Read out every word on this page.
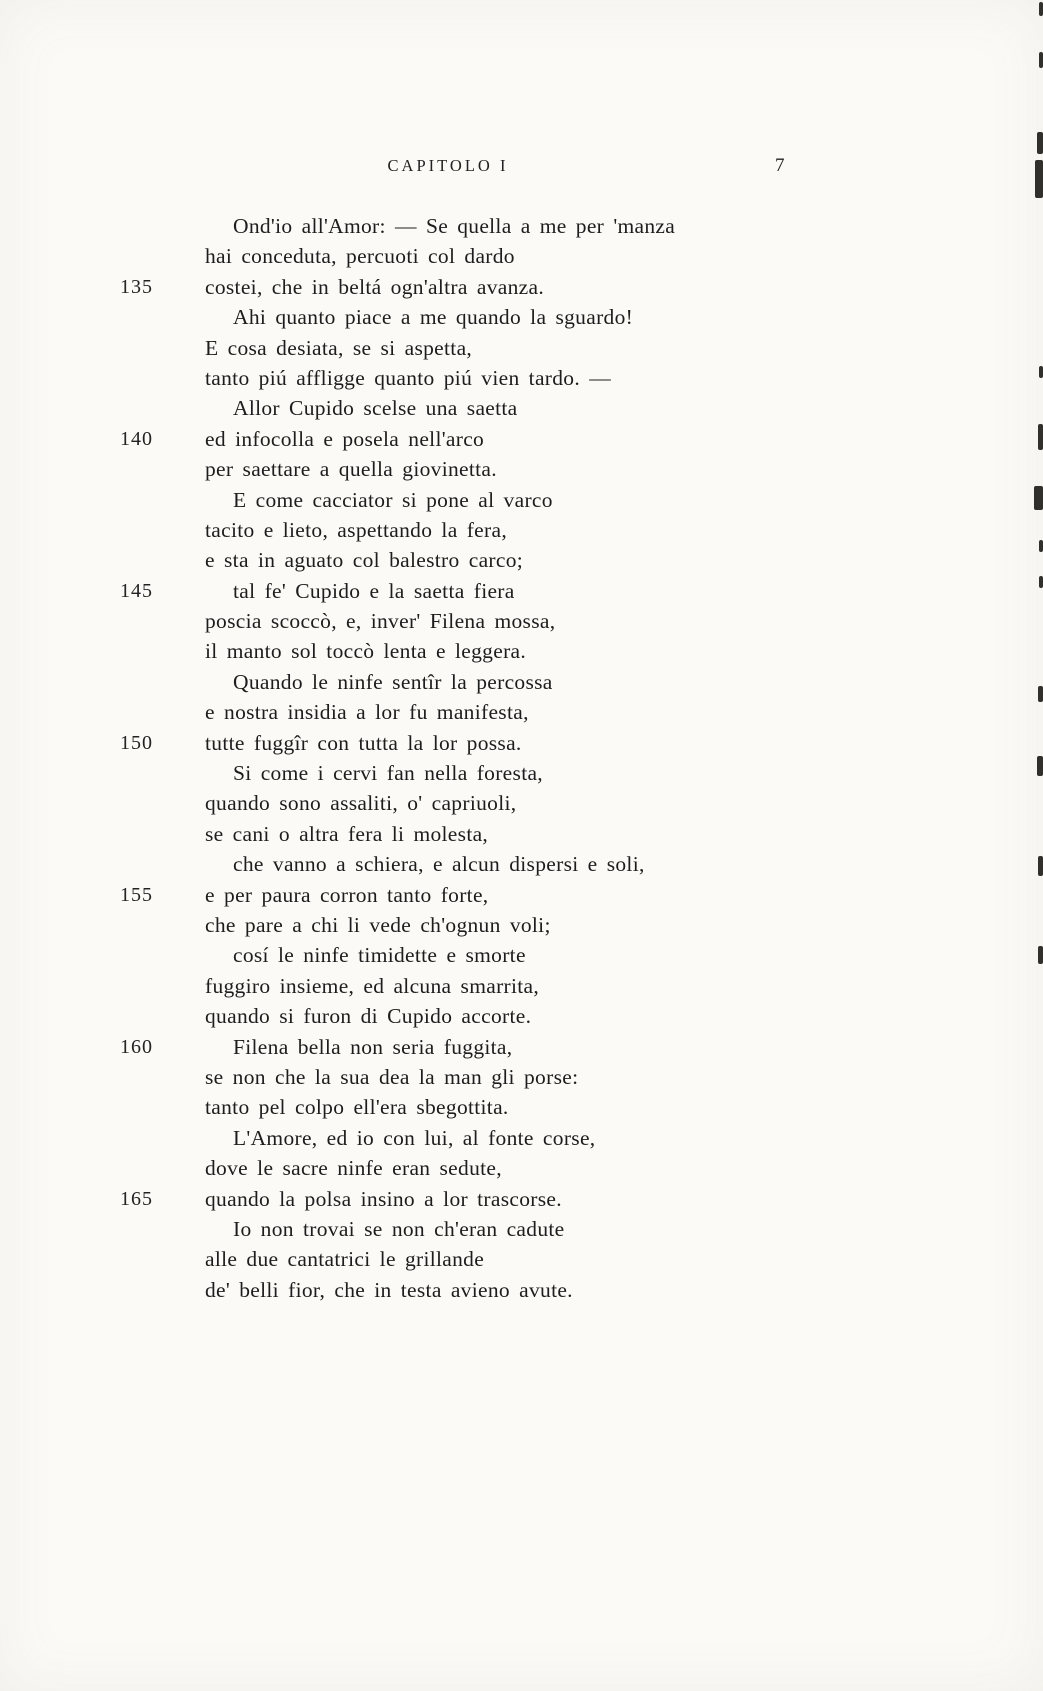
CAPITOLO I	7
Ond'io all'Amor: — Se quella a me per 'manza
hai conceduta, percuoti col dardo
135 costei, che in beltá ogn'altra avanza.
Ahi quanto piace a me quando la sguardo!
E cosa desiata, se si aspetta,
tanto piú affligge quanto piú vien tardo. —
Allor Cupido scelse una saetta
140 ed infocolla e posela nell'arco
per saettare a quella giovinetta.
E come cacciator si pone al varco
tacito e lieto, aspettando la fera,
e sta in aguato col balestro carco;
145	tal fe' Cupido e la saetta fiera
poscia scoccò, e, inver' Filena mossa,
il manto sol toccò lenta e leggera.
Quando le ninfe sentîr la percossa
e nostra insidia a lor fu manifesta,
150 tutte fuggîr con tutta la lor possa.
Si come i cervi fan nella foresta,
quando sono assaliti, o' capriuoli,
se cani o altra fera li molesta,
che vanno a schiera, e alcun dispersi e soli,
155 e per paura corron tanto forte,
che pare a chi li vede ch'ognun voli;
cosí le ninfe timidette e smorte
fuggiro insieme, ed alcuna smarrita,
quando si furon di Cupido accorte.
160	Filena bella non seria fuggita,
se non che la sua dea la man gli porse:
tanto pel colpo ell'era sbegottita.
L'Amore, ed io con lui, al fonte corse,
dove le sacre ninfe eran sedute,
165 quando la polsa insino a lor trascorse.
Io non trovai se non ch'eran cadute
alle due cantatrici le grillande
de' belli fior, che in testa avieno avute.
